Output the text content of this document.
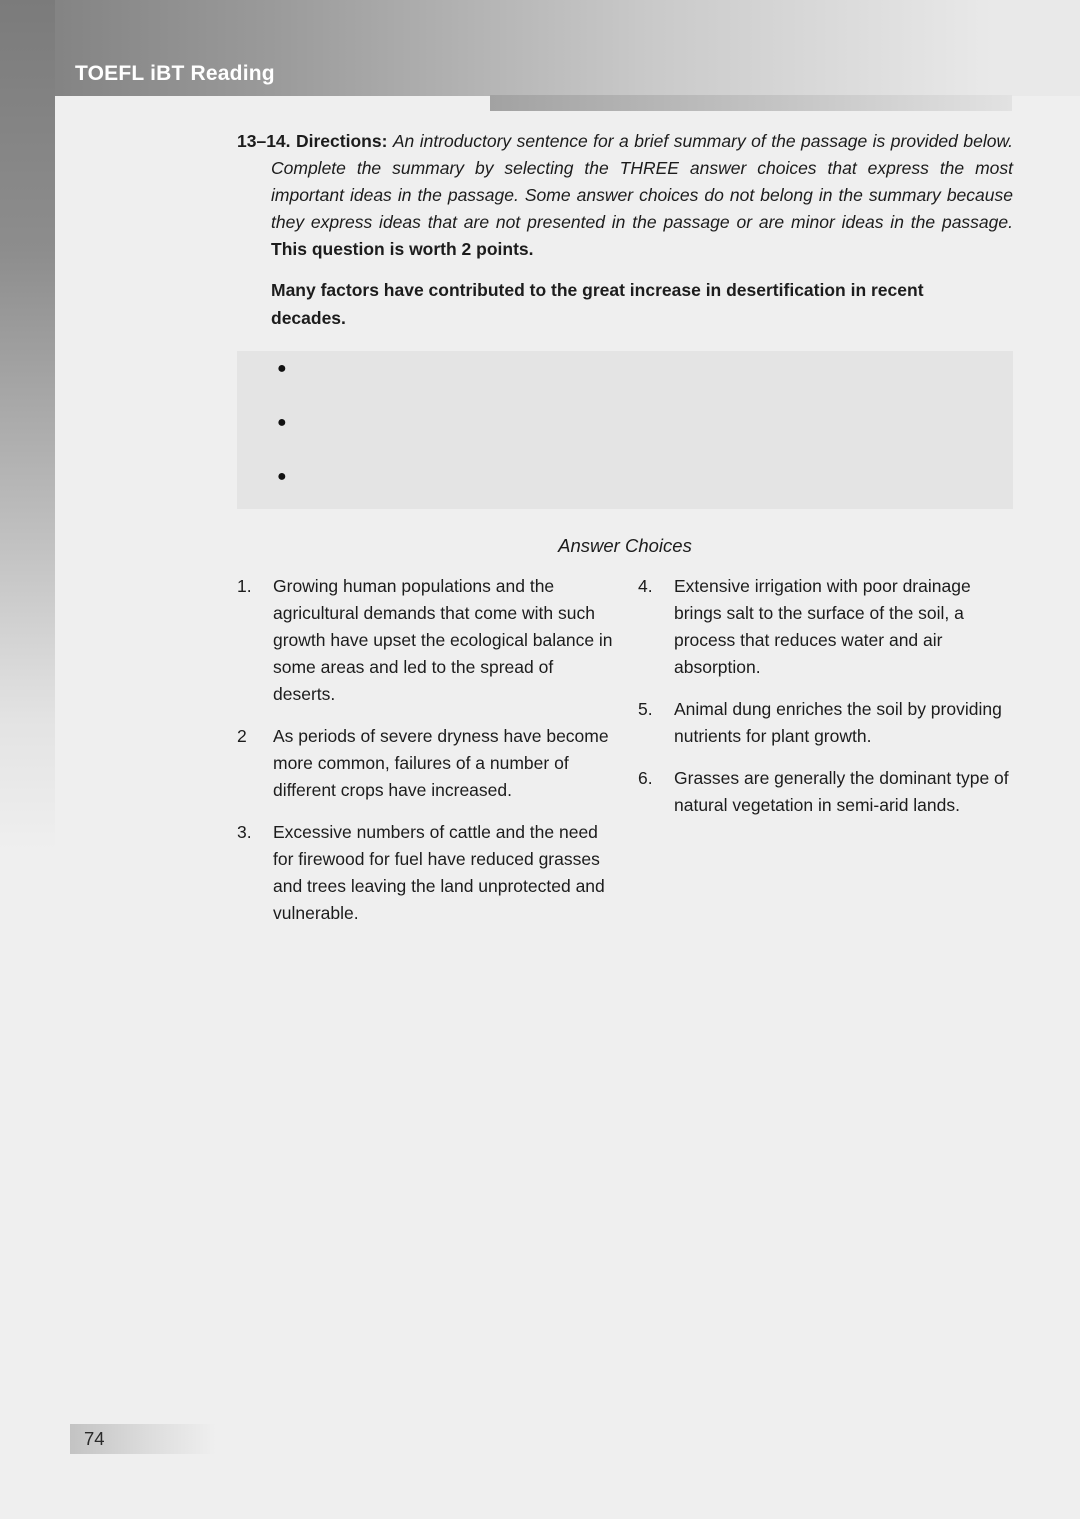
TOEFL iBT Reading

13–14. Directions: An introductory sentence for a brief summary of the passage is provided below. Complete the summary by selecting the THREE answer choices that express the most important ideas in the passage. Some answer choices do not belong in the summary because they express ideas that are not presented in the passage or are minor ideas in the passage. This question is worth 2 points.

Many factors have contributed to the great increase in desertification in recent decades.

●
●
●
Answer Choices
1.	Growing human populations and the agricultural demands that come with such growth have upset the ecological balance in some areas and led to the spread of deserts.
2	As periods of severe dryness have become more common, failures of a number of different crops have increased.
3.	Excessive numbers of cattle and the need for firewood for fuel have reduced grasses and trees leaving the land unprotected and vulnerable.
4.	Extensive irrigation with poor drainage brings salt to the surface of the soil, a process that reduces water and air absorption.
5.	Animal dung enriches the soil by providing nutrients for plant growth.
6.	Grasses are generally the dominant type of natural vegetation in semi-arid lands.
74
